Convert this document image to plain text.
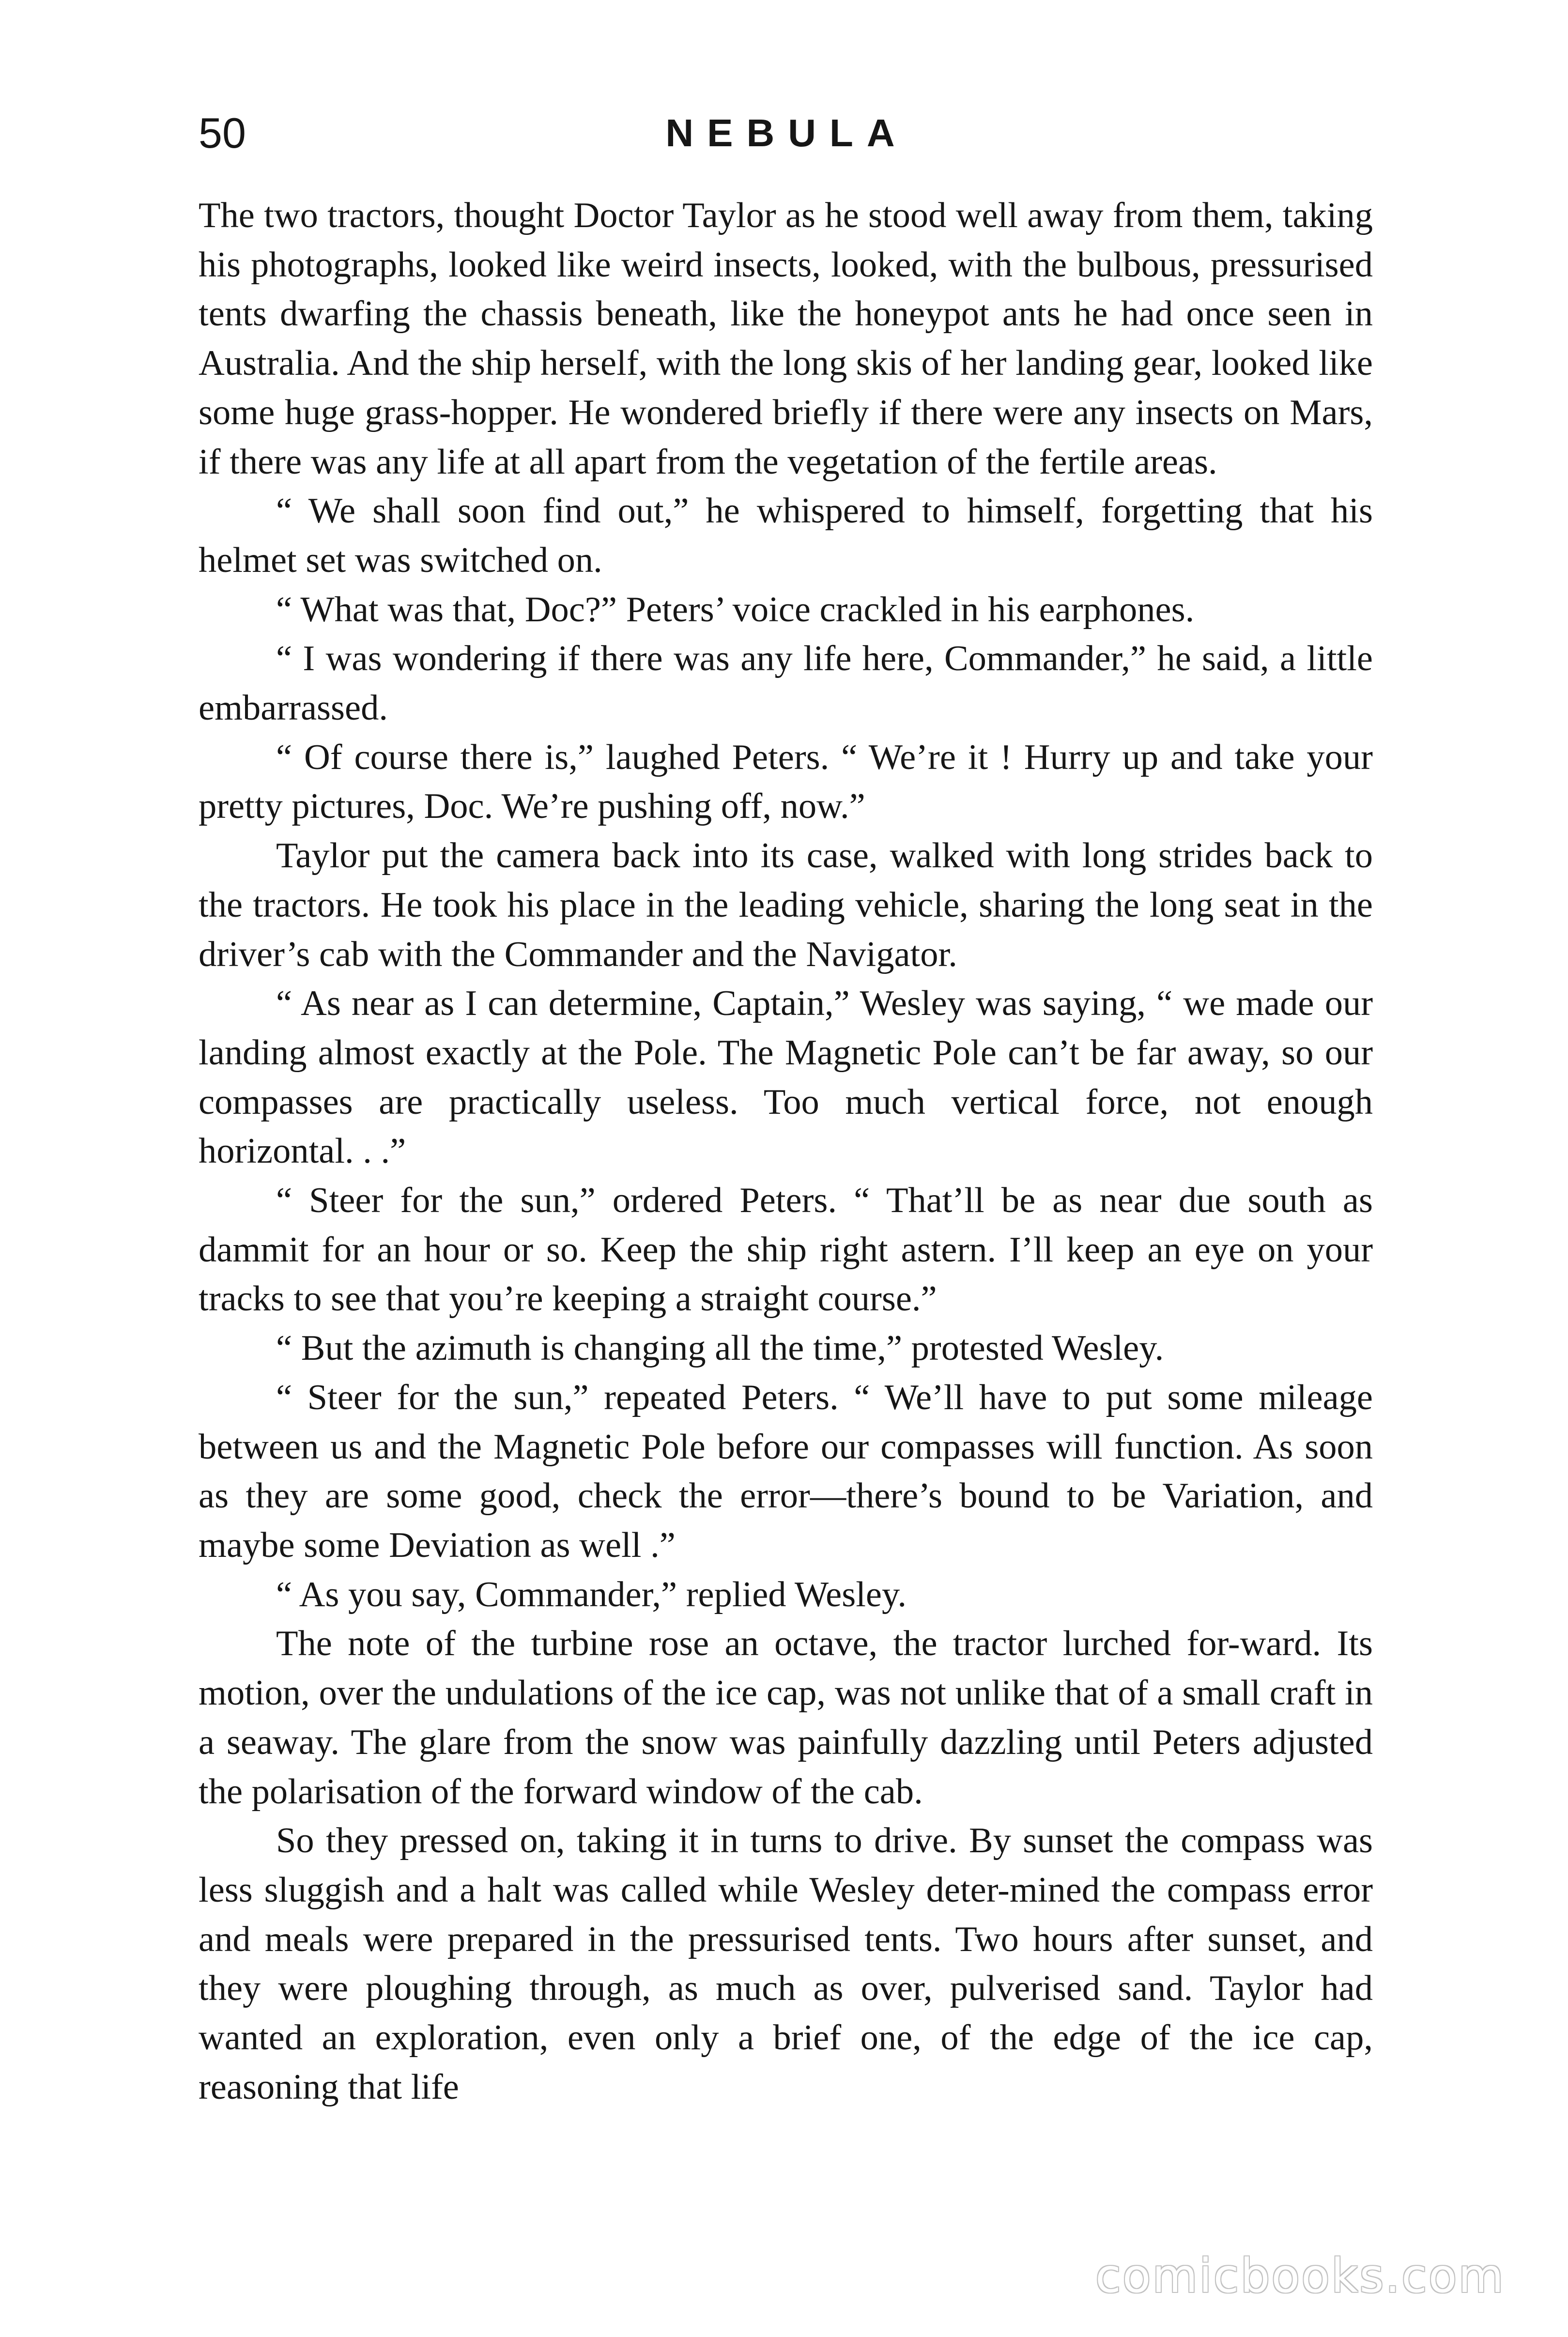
50	NEBULA

The two tractors, thought Doctor Taylor as he stood well away from them, taking his photographs, looked like weird insects, looked, with the bulbous, pressurised tents dwarfing the chassis beneath, like the honeypot ants he had once seen in Australia. And the ship herself, with the long skis of her landing gear, looked like some huge grass-hopper. He wondered briefly if there were any insects on Mars, if there was any life at all apart from the vegetation of the fertile areas.

“ We shall soon find out,” he whispered to himself, forgetting that his helmet set was switched on.

“ What was that, Doc?” Peters’ voice crackled in his earphones.

“ I was wondering if there was any life here, Commander,” he said, a little embarrassed.

“ Of course there is,” laughed Peters. “ We’re it ! Hurry up and take your pretty pictures, Doc. We’re pushing off, now.”

Taylor put the camera back into its case, walked with long strides back to the tractors. He took his place in the leading vehicle, sharing the long seat in the driver’s cab with the Commander and the Navigator.

“ As near as I can determine, Captain,” Wesley was saying, “ we made our landing almost exactly at the Pole. The Magnetic Pole can’t be far away, so our compasses are practically useless. Too much vertical force, not enough horizontal. . .”

“ Steer for the sun,” ordered Peters. “ That’ll be as near due south as dammit for an hour or so. Keep the ship right astern. I’ll keep an eye on your tracks to see that you’re keeping a straight course.”

“ But the azimuth is changing all the time,” protested Wesley.

“ Steer for the sun,” repeated Peters. “ We’ll have to put some mileage between us and the Magnetic Pole before our compasses will function. As soon as they are some good, check the error—there’s bound to be Variation, and maybe some Deviation as well .”

“ As you say, Commander,” replied Wesley.

The note of the turbine rose an octave, the tractor lurched for-ward. Its motion, over the undulations of the ice cap, was not unlike that of a small craft in a seaway. The glare from the snow was painfully dazzling until Peters adjusted the polarisation of the forward window of the cab.

So they pressed on, taking it in turns to drive. By sunset the compass was less sluggish and a halt was called while Wesley deter-mined the compass error and meals were prepared in the pressurised tents. Two hours after sunset, and they were ploughing through, as much as over, pulverised sand. Taylor had wanted an exploration, even only a brief one, of the edge of the ice cap, reasoning that life

comicbooks.com
